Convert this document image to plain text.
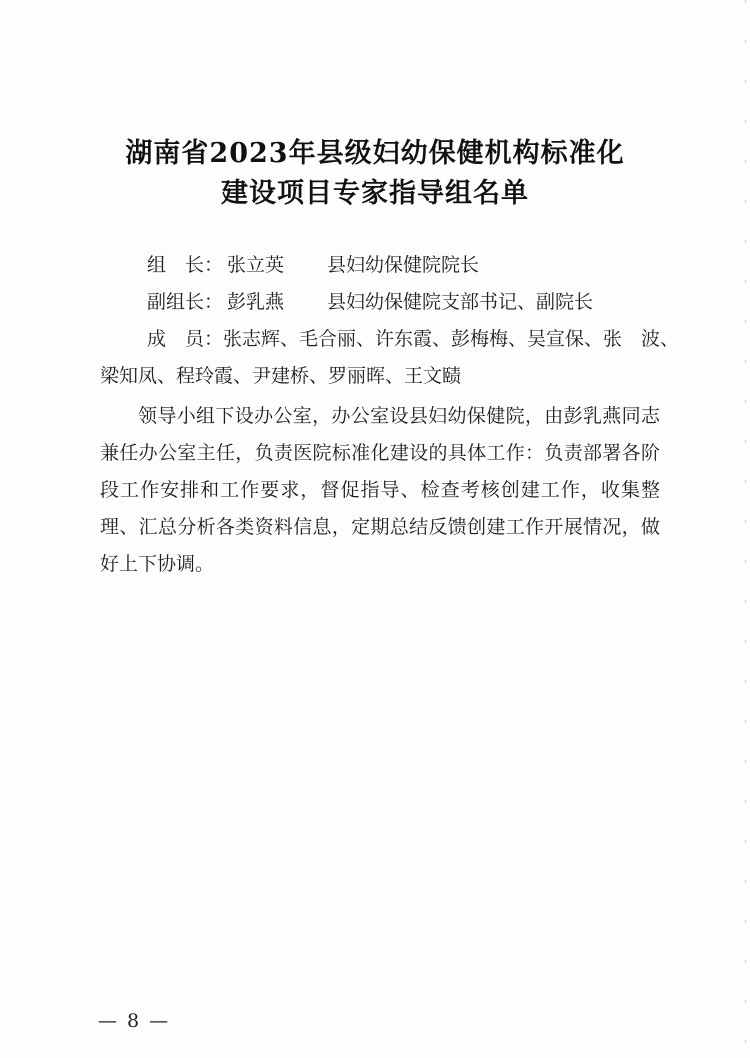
湖南省2023年县级妇幼保健机构标准化
建设项目专家指导组名单
组　长： 张立英 县妇幼保健院院长
副组长： 彭乳燕 县妇幼保健院支部书记、副院长
成　员：张志辉、毛合丽、许东霞、彭梅梅、吴宣保、张　波、
梁知凤、程玲霞、尹建桥、罗丽晖、王文赜
领导小组下设办公室，办公室设县妇幼保健院，由彭乳燕同志兼任办公室主任，负责医院标准化建设的具体工作：负责部署各阶段工作安排和工作要求，督促指导、检查考核创建工作，收集整理、汇总分析各类资料信息，定期总结反馈创建工作开展情况，做好上下协调。
— 8 —
